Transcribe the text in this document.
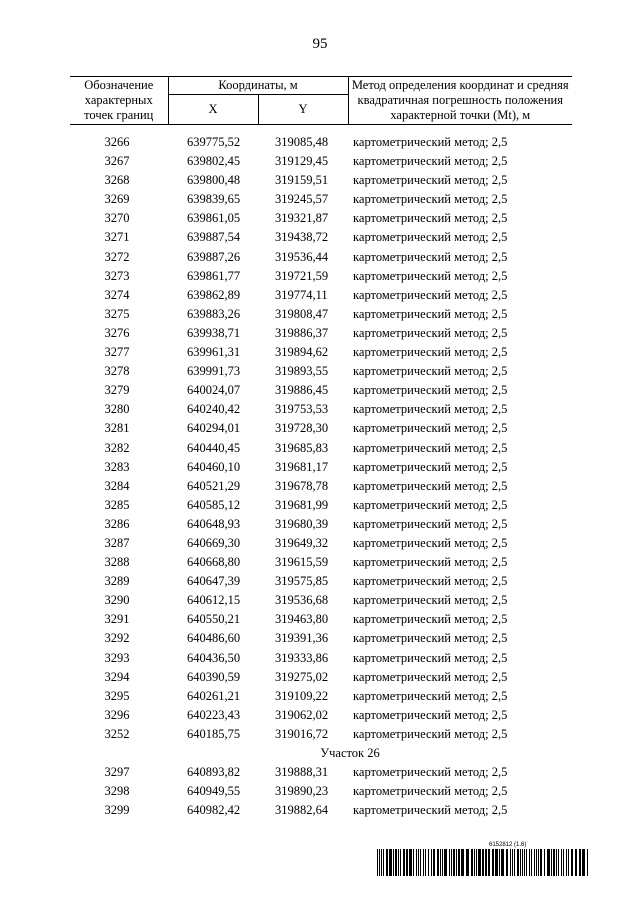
95
Обозначение характерных точек границ	Координаты, м		Метод определения координат и средняя квадратичная погрешность положения характерной точки (Mt), м
	X	Y	

3266	639775,52	319085,48	картометрический метод; 2,5
3267	639802,45	319129,45	картометрический метод; 2,5
3268	639800,48	319159,51	картометрический метод; 2,5
3269	639839,65	319245,57	картометрический метод; 2,5
3270	639861,05	319321,87	картометрический метод; 2,5
3271	639887,54	319438,72	картометрический метод; 2,5
3272	639887,26	319536,44	картометрический метод; 2,5
3273	639861,77	319721,59	картометрический метод; 2,5
3274	639862,89	319774,11	картометрический метод; 2,5
3275	639883,26	319808,47	картометрический метод; 2,5
3276	639938,71	319886,37	картометрический метод; 2,5
3277	639961,31	319894,62	картометрический метод; 2,5
3278	639991,73	319893,55	картометрический метод; 2,5
3279	640024,07	319886,45	картометрический метод; 2,5
3280	640240,42	319753,53	картометрический метод; 2,5
3281	640294,01	319728,30	картометрический метод; 2,5
3282	640440,45	319685,83	картометрический метод; 2,5
3283	640460,10	319681,17	картометрический метод; 2,5
3284	640521,29	319678,78	картометрический метод; 2,5
3285	640585,12	319681,99	картометрический метод; 2,5
3286	640648,93	319680,39	картометрический метод; 2,5
3287	640669,30	319649,32	картометрический метод; 2,5
3288	640668,80	319615,59	картометрический метод; 2,5
3289	640647,39	319575,85	картометрический метод; 2,5
3290	640612,15	319536,68	картометрический метод; 2,5
3291	640550,21	319463,80	картометрический метод; 2,5
3292	640486,60	319391,36	картометрический метод; 2,5
3293	640436,50	319333,86	картометрический метод; 2,5
3294	640390,59	319275,02	картометрический метод; 2,5
3295	640261,21	319109,22	картометрический метод; 2,5
3296	640223,43	319062,02	картометрический метод; 2,5
3252	640185,75	319016,72	картометрический метод; 2,5
Участок 26			
3297	640893,82	319888,31	картометрический метод; 2,5
3298	640949,55	319890,23	картометрический метод; 2,5
3299	640982,42	319882,64	картометрический метод; 2,5
6152812 (1.6)
